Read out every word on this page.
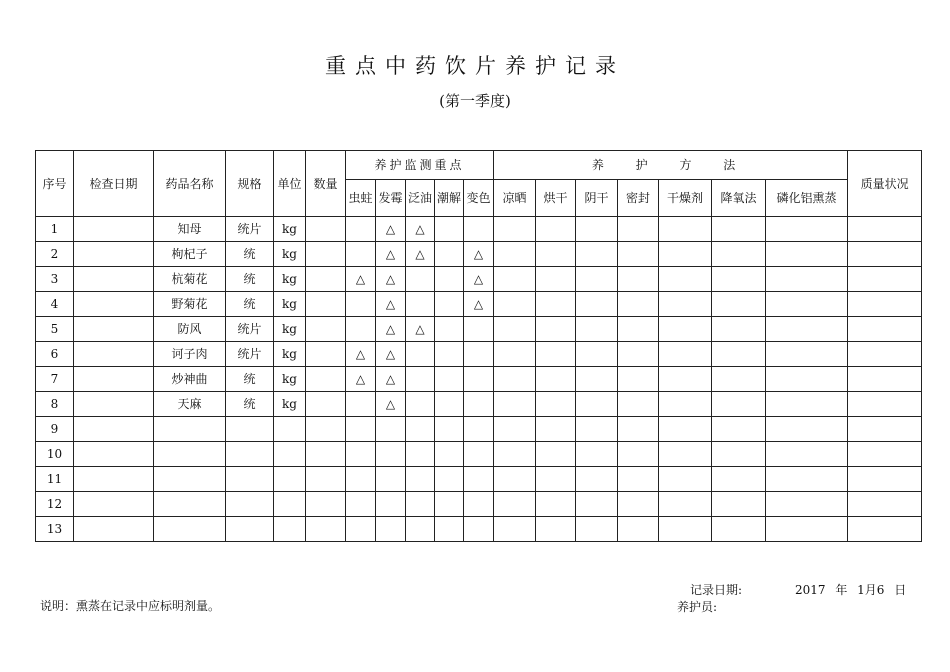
重点中药饮片养护记录
(第一季度)
序号	检查日期	药品名称	规格	单位	数量	养护监测重点					养 护 方 法							质量状况
						虫蛀	发霉	泛油	潮解	变色	凉晒	烘干	阴干	密封	干燥剂	降氧法	磷化铝熏蒸	
1		知母	统片	kg			△	△										
2		枸杞子	统	kg			△	△		△								
3		杭菊花	统	kg		△	△			△								
4		野菊花	统	kg			△			△								
5		防风	统片	kg			△	△										
6		诃子肉	统片	kg		△	△											
7		炒神曲	统	kg		△	△											
8		天麻	统	kg			△											
9																		
10																		
11																		
12																		
13																		
说明：熏蒸在记录中应标明剂量。
记录日期:	2017 年 1月6 日
养护员:
